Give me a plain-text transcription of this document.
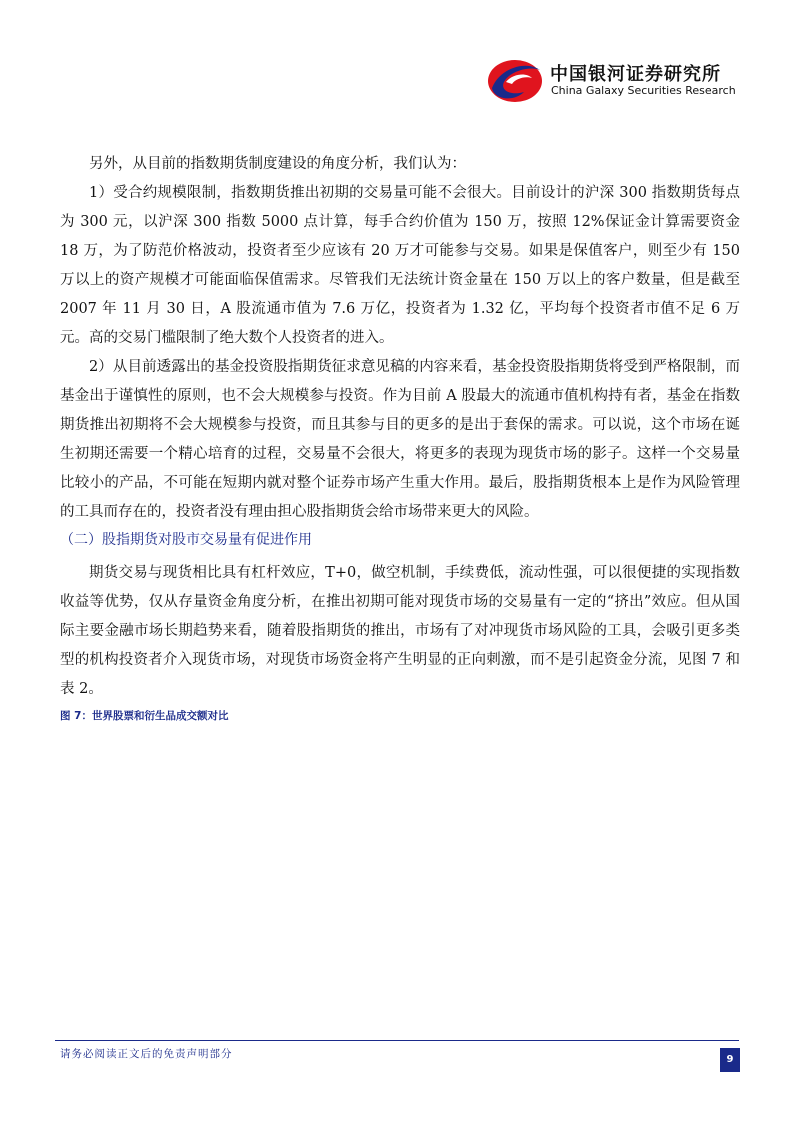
中国银河证券研究所
China Galaxy Securities Research

另外，从目前的指数期货制度建设的角度分析，我们认为：

1）受合约规模限制，指数期货推出初期的交易量可能不会很大。目前设计的沪深 300 指数期货每点为 300 元，以沪深 300 指数 5000 点计算，每手合约价值为 150 万，按照 12%保证金计算需要资金 18 万，为了防范价格波动，投资者至少应该有 20 万才可能参与交易。如果是保值客户，则至少有 150 万以上的资产规模才可能面临保值需求。尽管我们无法统计资金量在 150 万以上的客户数量，但是截至 2007 年 11 月 30 日，A 股流通市值为 7.6 万亿，投资者为 1.32 亿，平均每个投资者市值不足 6 万元。高的交易门槛限制了绝大数个人投资者的进入。

2）从目前透露出的基金投资股指期货征求意见稿的内容来看，基金投资股指期货将受到严格限制，而基金出于谨慎性的原则，也不会大规模参与投资。作为目前 A 股最大的流通市值机构持有者，基金在指数期货推出初期将不会大规模参与投资，而且其参与目的更多的是出于套保的需求。可以说，这个市场在诞生初期还需要一个精心培育的过程，交易量不会很大，将更多的表现为现货市场的影子。这样一个交易量比较小的产品，不可能在短期内就对整个证券市场产生重大作用。最后，股指期货根本上是作为风险管理的工具而存在的，投资者没有理由担心股指期货会给市场带来更大的风险。

（二）股指期货对股市交易量有促进作用

期货交易与现货相比具有杠杆效应，T+0，做空机制，手续费低，流动性强，可以很便捷的实现指数收益等优势，仅从存量资金角度分析，在推出初期可能对现货市场的交易量有一定的“挤出”效应。但从国际主要金融市场长期趋势来看，随着股指期货的推出，市场有了对冲现货市场风险的工具，会吸引更多类型的机构投资者介入现货市场，对现货市场资金将产生明显的正向刺激，而不是引起资金分流，见图 7 和表 2。

图 7：世界股票和衍生品成交额对比
请务必阅读正文后的免责声明部分	9
